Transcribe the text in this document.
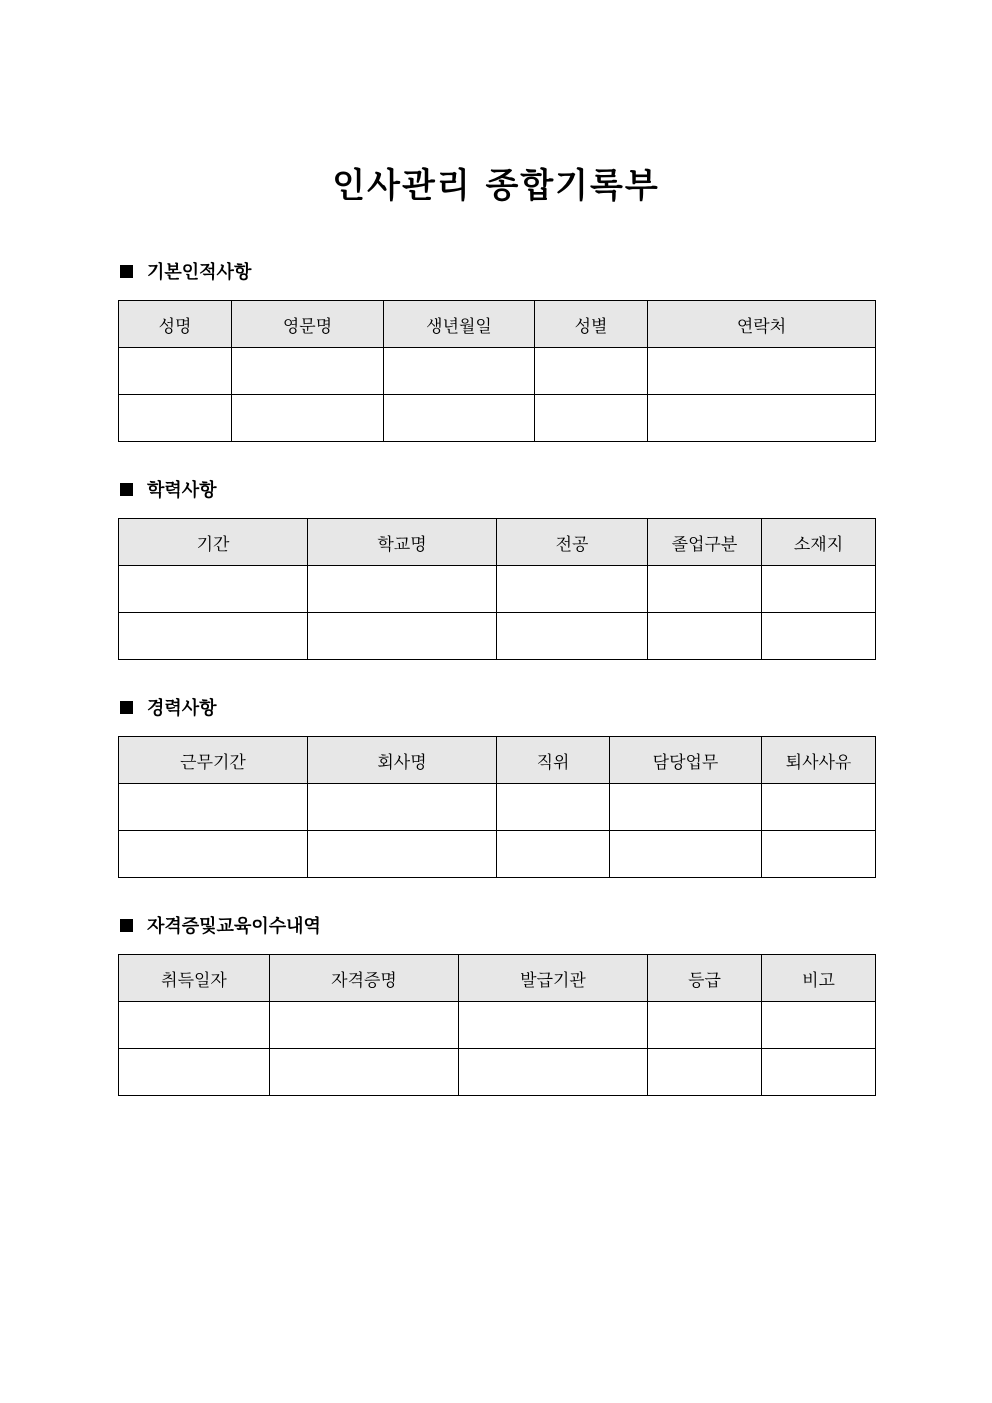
인사관리 종합기록부
기본인적사항
성명	영문명	생년월일	성별	연락처

학력사항
기간	학교명	전공	졸업구분	소재지

경력사항
근무기간	회사명	직위	담당업무	퇴사사유

자격증및교육이수내역
취득일자	자격증명	발급기관	등급	비고
